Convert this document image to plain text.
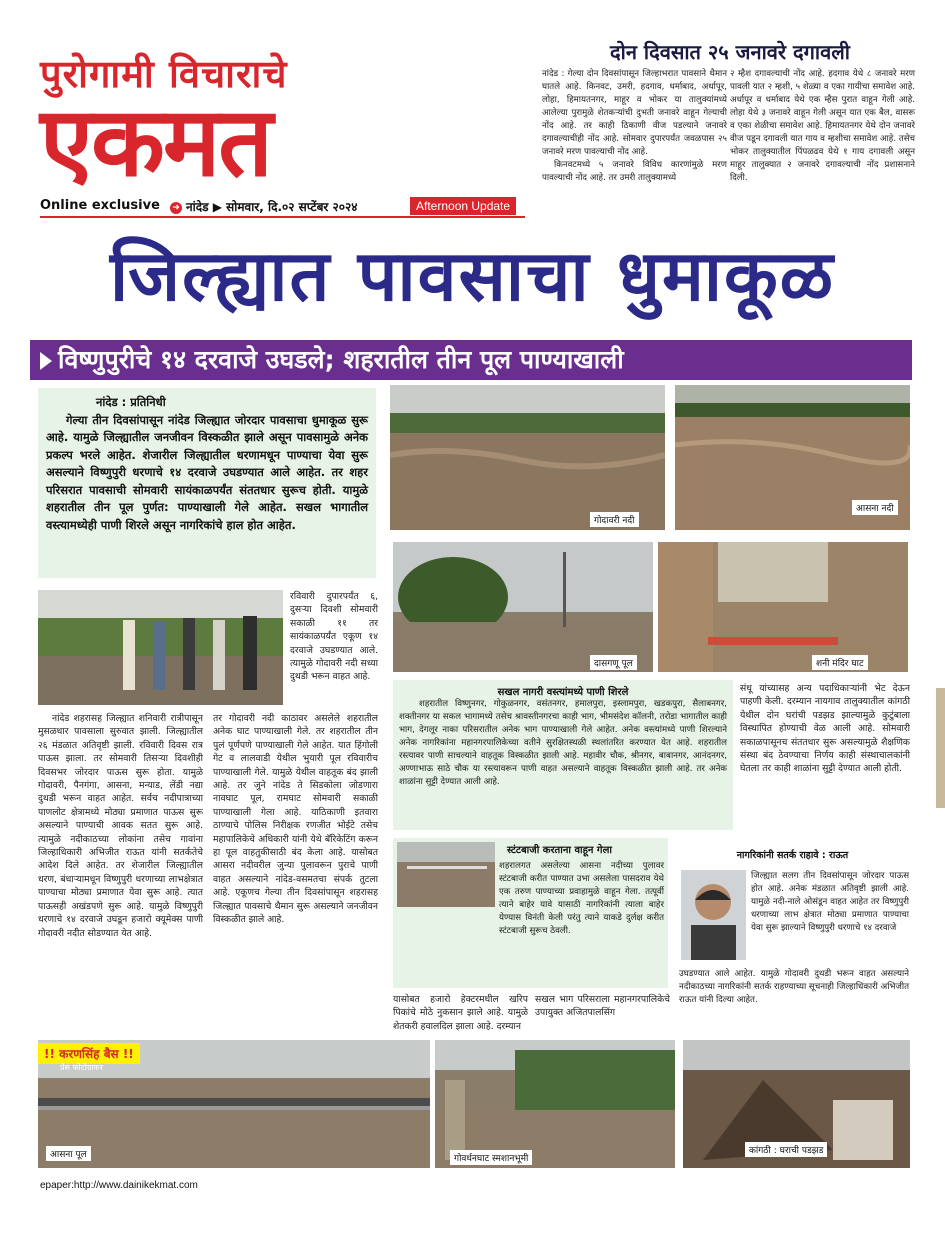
पुरोगामी विचाराचे
एकमत
Online exclusive ➜ नांदेड ▶ सोमवार, दि.०२ सप्टेंबर २०२४	Afternoon Update
दोन दिवसात २५ जनावरे दगावली
नांदेड : गेल्या दोन दिवसांपासून जिल्हाभरात पावसाने थैमान घातले आहे. किनवट, उमरी, हदगाव, धर्माबाद, अर्धापूर, लोहा, हिमायतनगर, माहूर व भोकर या तालुक्यांमध्ये आलेल्या पुरामुळे शेतकऱ्यांची दुभती जनावरे वाहून गेल्याची नोंद आहे. तर काही ठिकाणी वीज पडल्याने जनावरे दगावल्याचीही नोंद आहे. सोमवार दुपारपर्यंत जवळपास २५ जनावरे मरण पावल्याची नोंद आहे.
किनवटमध्ये ५ जनावरे विविध कारणांमुळे मरण पावल्याची नोंद आहे. तर उमरी तालुक्यामध्ये
२ म्हैश दगावल्याची नोंद आहे. हदगाव येथे ८ जनावरे मरण पावली यात २ म्हशी, ५ शेळ्या व एका गायीचा समावेश आहे. अर्धापूर व धर्माबाद येथे एक म्हैस पुरात वाहून गेली आहे. लोहा येथे ३ जनावरे वाहून गेली असून यात एक बैल, वासरू व एका शेळीचा समावेश आहे. हिमायतनगर येथे दोन जनावरे वीज पडून दगावली यात गाय व म्हशीचा समावेश आहे. तसेच भोकर तालुक्यातील पिंपळढव येथे १ गाय दगावली असून माहूर तालुक्यात २ जनावरे दगावल्याची नोंद प्रशासनाने दिली.
जिल्ह्यात पावसाचा धुमाकूळ
विष्णुपुरीचे १४ दरवाजे उघडले; शहरातील तीन पूल पाण्याखाली
नांदेड : प्रतिनिधी
गेल्या तीन दिवसांपासून नांदेड जिल्ह्यात जोरदार पावसाचा धुमाकूळ सुरू आहे. यामुळे जिल्ह्यातील जनजीवन विस्कळीत झाले असून पावसामुळे अनेक प्रकल्प भरले आहेत. शेजारील जिल्ह्यातील धरणामधून पाण्याचा येवा सुरू असल्याने विष्णुपुरी धरणाचे १४ दरवाजे उघडण्यात आले आहेत. तर शहर परिसरात पावसाची सोमवारी सायंकाळपर्यंत संततधार सुरूच होती. यामुळे शहरातील तीन पूल पुर्णत: पाण्याखाली गेले आहेत. सखल भागातील वस्त्यामध्येही पाणी शिरले असून नागरिकांचे हाल होत आहेत.	गोदावरी नदी
आसना नदी
रविवारी दुपारपर्यंत ६, दुसऱ्या दिवशी सोमवारी सकाळी ११ तर सायंकाळपर्यंत एकूण १४ दरवाजे उघडण्यात आले. त्यामुळे गोदावरी नदी सध्या दुथडी भरून वाहत आहे.
दासगणू पूल	शनी मंदिर घाट
सखल नागरी वस्त्यांमध्ये पाणी शिरले
शहरातील विष्णुनगर, गोकुळनगर, वसंतनगर, हमालपुरा, इस्लामपुरा, खडकपुरा, सैलाबनगर, शक्तीनगर या सकल भागामध्ये तसेच श्रावस्तीनगरचा काही भाग, भीमसंदेश कॉलनी, तरोडा भागातील काही भाग, देगलूर नाका परिसरातील अनेक भाग पाण्याखाली गेले आहेत. अनेक वस्त्यांमध्ये पाणी शिरल्याने अनेक नागरिकांना महानगरपालिकेच्या वतीने सुरक्षितस्थळी स्थलांतरित करण्यात येत आहे. शहरातील रस्त्यावर पाणी साचल्याने वाहतूक विस्कळीत झाली आहे. महावीर चौक, श्रीनगर, बाबानगर, आनंदनगर, अण्णाभाऊ साठे चौक या रस्त्यावरून पाणी वाहत असल्याने वाहतूक विस्कळीत झाली आहे. तर अनेक शाळांना सुट्टी देण्यात आली आहे.
नांदेड शहरासह जिल्ह्यात शनिवारी रात्रीपासून मुसळधार पावसाला सुरुवात झाली. जिल्ह्यातील २६ मंडळात अतिवृष्टी झाली. रविवारी दिवस रात्र पाऊस झाला. तर सोमवारी तिसऱ्या दिवशीही दिवसभर जोरदार पाऊस सुरू होता. यामुळे गोदावरी, पैनगंगा, आसना, मन्याड, लेंडी नद्या दुथडी भरून वाहत आहेत. सर्वच नदीपात्राच्या पाणलोट क्षेत्रामध्ये मोठ्या प्रमाणात पाऊस सुरू असल्याने पाण्याची आवक सतत सुरू आहे. त्यामुळे नदीकाठच्या लोकांना तसेच गावांना जिल्हाधिकारी अभिजीत राऊत यांनी सतर्कतेचे आदेश दिले आहेत. तर शेजारील जिल्ह्यातील धरण, बंधाऱ्यामधून विष्णुपुरी धरणाच्या लाभक्षेत्रात पाण्याचा मोठ्या प्रमाणात येवा सुरू आहे. त्यात पाऊसही अखंडपणे सुरू आहे. यामुळे विष्णुपुरी धरणाचे १४ दरवाजे उघडून हजारो क्यूमेक्स पाणी गोदावरी नदीत सोडण्यात येत आहे.
तर गोदावरी नदी काठावर असलेले शहरातील अनेक घाट पाण्याखाली गेले. तर शहरातील तीन पुलं पूर्णपणे पाण्याखाली गेले आहेत. यात हिंगोली गेट व लालवाडी येथील भुयारी पूल रविवारीच पाण्याखाली गेले. यामुळे येथील वाहतूक बंद झाली आहे. तर जुने नांदेड ते सिडकोला जोडणारा नावघाट पूल, रामघाट सोमवारी सकाळी पाण्याखाली गेला आहे. याठिकाणी इतवारा ठाण्याचे पोलिस निरीक्षक रणजीत भोईटे तसेच महापालिकेचे अधिकारी यांनी येथे बॅरिकेटिंग करून हा पूल वाहतुकीसाठी बंद केला आहे. यासोबत आसरा नदीवरील जुन्या पुलावरून पुराचे पाणी वाहत असल्याने नांदेड-वसमतचा संपर्क तुटला आहे. एकूणच गेल्या तीन दिवसांपासून शहरासह जिल्ह्यात पावसाचे थैमान सुरू असल्याने जनजीवन विस्कळीत झाले आहे.
संधू यांच्यासह अन्य पदाधिकाऱ्यांनी भेट देऊन पाहणी केली. दरम्यान नायगाव तालुक्यातील कांगठी येथील दोन घरांची पडझड झाल्यामुळे कुटुंबाला विस्थापित होण्याची वेळ आली आहे. सोमवारी सकाळपासूनच संततधार सुरू असल्यामुळे शैक्षणिक संस्था बंद ठेवण्याचा निर्णय काही संस्थाचालकांनी घेतला तर काही शाळांना सुट्टी देण्यात आली होती.
स्टंटबाजी करताना वाहून गेला
शहरालगत असलेल्या आसना नदीच्या पुलावर स्टंटबाजी करीत पाण्यात उभा असलेला पासदराव येथे एक तरुण पाण्याच्या प्रवाहामुळे वाहून गेला. तत्पूर्वी त्याने बाहेर यावे यासाठी नागरिकांनी त्याला बाहेर येण्यास विनंती केली परंतु त्याने याकडे दुर्लक्ष करीत स्टंटबाजी सुरूच ठेवली.
नागरिकांनी सतर्क राहावे : राऊत
जिल्ह्यात सलग तीन दिवसांपासून जोरदार पाऊस होत आहे. अनेक मंडळात अतिवृष्टी झाली आहे. यामुळे नदी-नाले ओसंडून वाहत आहेत तर विष्णुपुरी धरणाच्या लाभ क्षेत्रात मोठ्या प्रमाणात पाण्याचा येवा सुरू झाल्याने विष्णुपुरी धरणाचे १४ दरवाजे
उघडण्यात आले आहेत. यामुळे गोदावरी दुथडी भरून वाहत असल्याने नदीकाठच्या नागरिकांनी सतर्क राहण्याच्या सूचनाही जिल्हाधिकारी अभिजीत राऊत यांनी दिल्या आहेत.
यासोबत हजारो हेक्टरमधील खरिप पिकांचे मोठे नुकसान झाले आहे. यामुळे शेतकरी हवालदिल झाला आहे. दरम्यान
सखल भाग परिसराला महानगरपालिकेचे उपायुक्त अजितपालसिंग
!! करणसिंह बैस !!
प्रेस फोटोग्राफर
आसना पूल	गोवर्धनघाट स्मशानभूमी
कांगठी : घराची पडझड
epaper:http://www.dainikekmat.com
